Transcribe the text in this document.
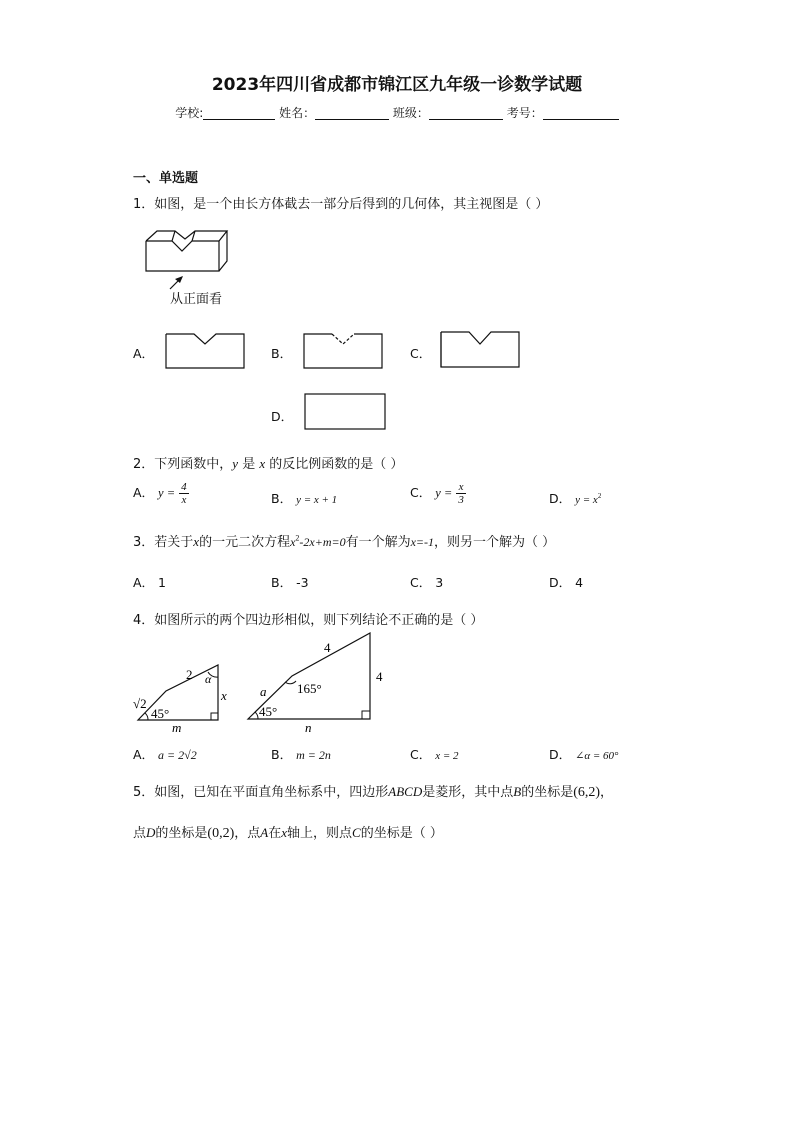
2023年四川省成都市锦江区九年级一诊数学试题
学校:	姓名：	班级：	考号：
一、单选题
1．如图，是一个由长方体截去一部分后得到的几何体，其主视图是（ ）
从正面看
A．	B．	C．
D．
2．下列函数中，y 是 x 的反比例函数的是（ ）
A． $y = \frac{4}{x}$	B． y = x + 1	C． $y = \frac{x}{3}$	D． $y = x^2$
3．若关于x的一元二次方程$x^2-2x+m=0$有一个解为x=-1，则另一个解为（ ）
A． 1	B． -3	C． 3	D． 4
4．如图所示的两个四边形相似，则下列结论不正确的是（ ）
2
√2
x
m
45°
α
4
a
4
n
45°
165°
A． a = 2√2	B． m = 2n	C． x = 2	D． ∠α = 60°
5．如图，已知在平面直角坐标系中，四边形ABCD是菱形，其中点B的坐标是(6,2)，
点D的坐标是(0,2)，点A在x轴上，则点C的坐标是（ ）
